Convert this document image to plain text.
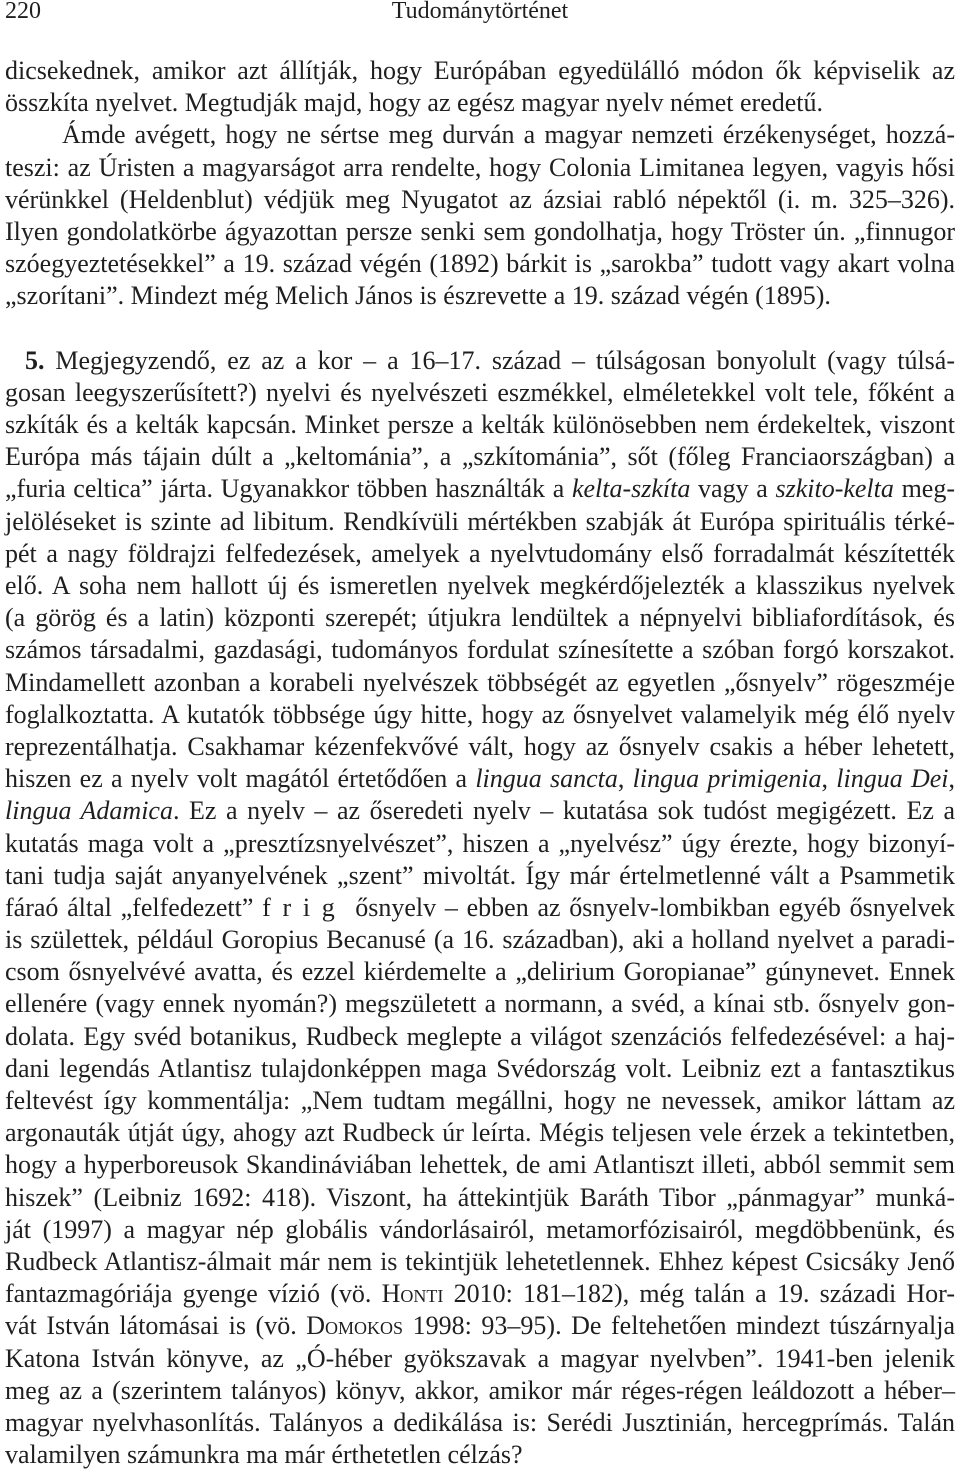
220	Tudománytörténet
dicsekednek, amikor azt állítják, hogy Európában egyedülálló módon ők képviselik az
összkíta nyelvet. Megtudják majd, hogy az egész magyar nyelv német eredetű.
Ámde avégett, hogy ne sértse meg durván a magyar nemzeti érzékenységet, hozzá-
teszi: az Úristen a magyarságot arra rendelte, hogy Colonia Limitanea legyen, vagyis hősi
vérünkkel (Heldenblut) védjük meg Nyugatot az ázsiai rabló népektől (i. m. 325–326).
Ilyen gondolatkörbe ágyazottan persze senki sem gondolhatja, hogy Tröster ún. „finnugor
szóegyeztetésekkel” a 19. század végén (1892) bárkit is „sarokba” tudott vagy akart volna
„szorítani”. Mindezt még Melich János is észrevette a 19. század végén (1895).
5. Megjegyzendő, ez az a kor – a 16–17. század – túlságosan bonyolult (vagy túlsá-
gosan leegyszerűsített?) nyelvi és nyelvészeti eszmékkel, elméletekkel volt tele, főként a
szkíták és a kelták kapcsán. Minket persze a kelták különösebben nem érdekeltek, viszont
Európa más tájain dúlt a „keltománia”, a „szkítománia”, sőt (főleg Franciaországban) a
„furia celtica” járta. Ugyanakkor többen használták a kelta-szkíta vagy a szkito-kelta meg-
jelöléseket is szinte ad libitum. Rendkívüli mértékben szabják át Európa spirituális térké-
pét a nagy földrajzi felfedezések, amelyek a nyelvtudomány első forradalmát készítették
elő. A soha nem hallott új és ismeretlen nyelvek megkérdőjelezték a klasszikus nyelvek
(a görög és a latin) központi szerepét; útjukra lendültek a népnyelvi bibliafordítások, és
számos társadalmi, gazdasági, tudományos fordulat színesítette a szóban forgó korszakot.
Mindamellett azonban a korabeli nyelvészek többségét az egyetlen „ősnyelv” rögeszméje
foglalkoztatta. A kutatók többsége úgy hitte, hogy az ősnyelvet valamelyik még élő nyelv
reprezentálhatja. Csakhamar kézenfekvővé vált, hogy az ősnyelv csakis a héber lehetett,
hiszen ez a nyelv volt magától értetődően a lingua sancta, lingua primigenia, lingua Dei,
lingua Adamica. Ez a nyelv – az őseredeti nyelv – kutatása sok tudóst megigézett. Ez a
kutatás maga volt a „presztízsnyelvészet”, hiszen a „nyelvész” úgy érezte, hogy bizonyí-
tani tudja saját anyanyelvének „szent” mivoltát. Így már értelmetlenné vált a Psammetik
fáraó által „felfedezett” frig ősnyelv – ebben az ősnyelv-lombikban egyéb ősnyelvek
is születtek, például Goropius Becanusé (a 16. században), aki a holland nyelvet a paradi-
csom ősnyelvévé avatta, és ezzel kiérdemelte a „delirium Goropianae” gúnynevet. Ennek
ellenére (vagy ennek nyomán?) megszületett a normann, a svéd, a kínai stb. ősnyelv gon-
dolata. Egy svéd botanikus, Rudbeck meglepte a világot szenzációs felfedezésével: a haj-
dani legendás Atlantisz tulajdonképpen maga Svédország volt. Leibniz ezt a fantasztikus
feltevést így kommentálja: „Nem tudtam megállni, hogy ne nevessek, amikor láttam az
argonauták útját úgy, ahogy azt Rudbeck úr leírta. Mégis teljesen vele érzek a tekintetben,
hogy a hyperboreusok Skandináviában lehettek, de ami Atlantiszt illeti, abból semmit sem
hiszek” (Leibniz 1692: 418). Viszont, ha áttekintjük Baráth Tibor „pánmagyar” munká-
ját (1997) a magyar nép globális vándorlásairól, metamorfózisairól, megdöbbenünk, és
Rudbeck Atlantisz-álmait már nem is tekintjük lehetetlennek. Ehhez képest Csicsáky Jenő
fantazmagóriája gyenge vízió (vö. Honti 2010: 181–182), még talán a 19. századi Hor-
vát István látomásai is (vö. Domokos 1998: 93–95). De feltehetően mindezt túszárnyalja
Katona István könyve, az „Ó-héber gyökszavak a magyar nyelvben”. 1941-ben jelenik
meg az a (szerintem talányos) könyv, akkor, amikor már réges-régen leáldozott a héber–
magyar nyelvhasonlítás. Talányos a dedikálása is: Serédi Jusztinián, hercegprímás. Talán
valamilyen számunkra ma már érthetetlen célzás?
